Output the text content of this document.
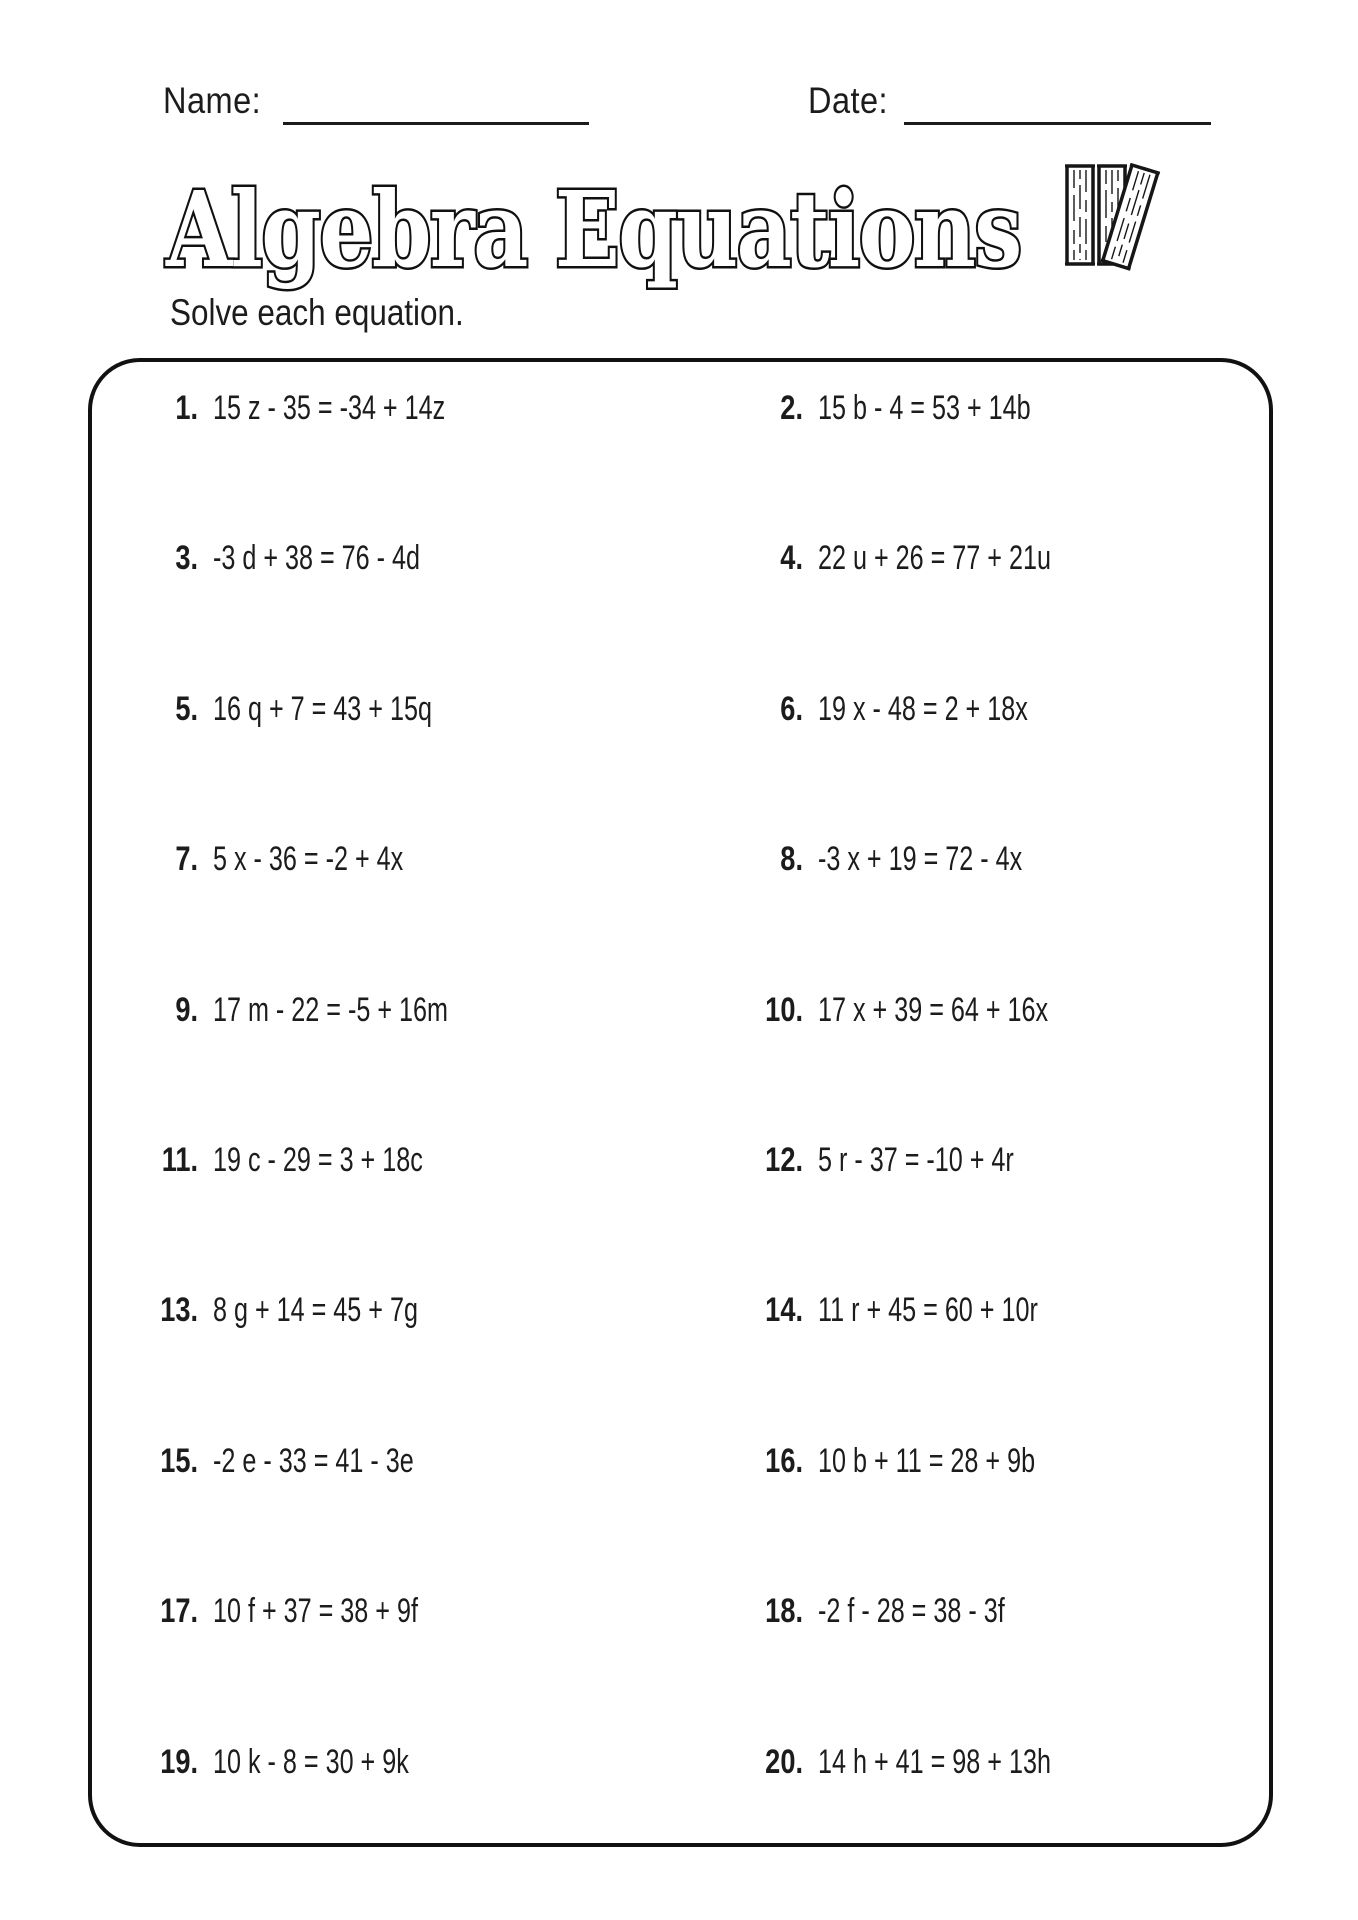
Name:	Date:
Algebra Equations
Solve each equation.
1. 15 z - 35 = -34 + 14z	2. 15 b - 4 = 53 + 14b
3. -3 d + 38 = 76 - 4d	4. 22 u + 26 = 77 + 21u
5. 16 q + 7 = 43 + 15q	6. 19 x - 48 = 2 + 18x
7. 5 x - 36 = -2 + 4x	8. -3 x + 19 = 72 - 4x
9. 17 m - 22 = -5 + 16m	10. 17 x + 39 = 64 + 16x
11. 19 c - 29 = 3 + 18c	12. 5 r - 37 = -10 + 4r
13. 8 g + 14 = 45 + 7g	14. 11 r + 45 = 60 + 10r
15. -2 e - 33 = 41 - 3e	16. 10 b + 11 = 28 + 9b
17. 10 f + 37 = 38 + 9f	18. -2 f - 28 = 38 - 3f
19. 10 k - 8 = 30 + 9k	20. 14 h + 41 = 98 + 13h
